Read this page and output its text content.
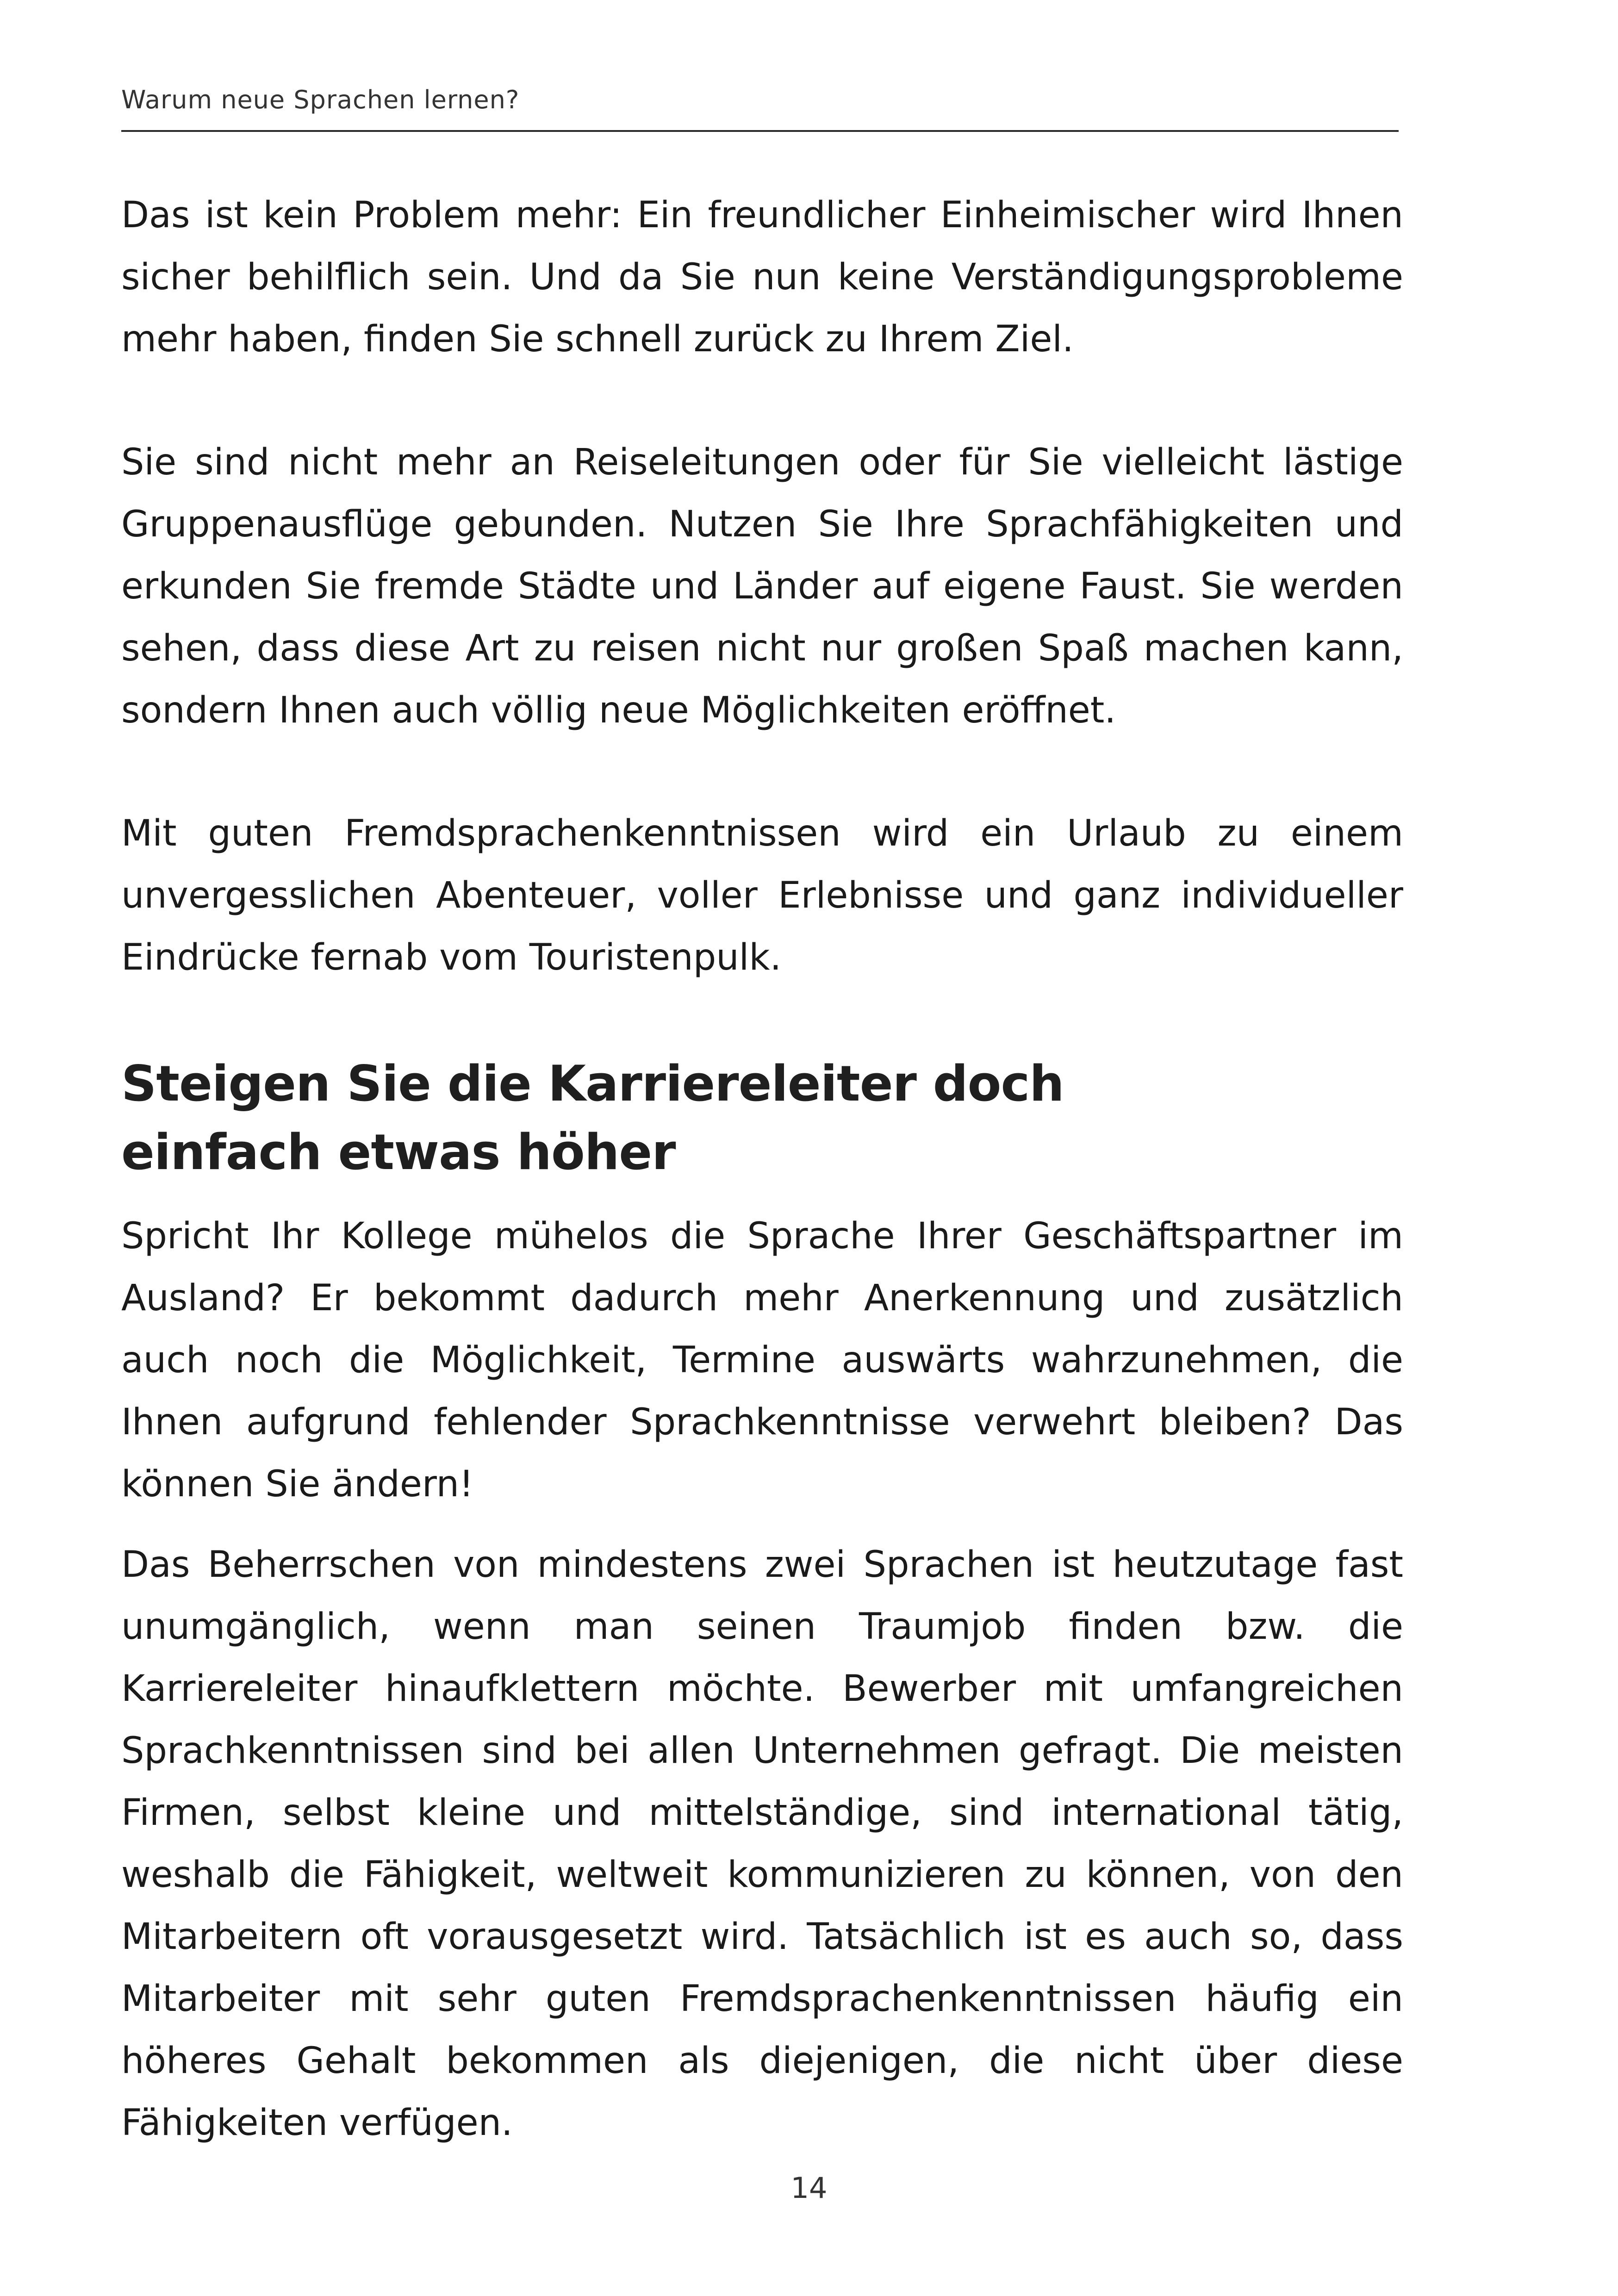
Warum neue Sprachen lernen?

Das ist kein Problem mehr: Ein freundlicher Einheimischer wird Ihnen sicher behilflich sein. Und da Sie nun keine Verständigungsprobleme mehr haben, finden Sie schnell zurück zu Ihrem Ziel.

Sie sind nicht mehr an Reiseleitungen oder für Sie vielleicht lästige Gruppenausflüge gebunden. Nutzen Sie Ihre Sprachfähigkeiten und erkunden Sie fremde Städte und Länder auf eigene Faust. Sie werden sehen, dass diese Art zu reisen nicht nur großen Spaß machen kann, sondern Ihnen auch völlig neue Möglichkeiten eröffnet.

Mit guten Fremdsprachenkenntnissen wird ein Urlaub zu einem unvergesslichen Abenteuer, voller Erlebnisse und ganz individueller Eindrücke fernab vom Touristenpulk.

Steigen Sie die Karriereleiter doch einfach etwas höher

Spricht Ihr Kollege mühelos die Sprache Ihrer Geschäftspartner im Ausland? Er bekommt dadurch mehr Anerkennung und zusätzlich auch noch die Möglichkeit, Termine auswärts wahrzunehmen, die Ihnen aufgrund fehlender Sprachkenntnisse verwehrt bleiben? Das können Sie ändern!

Das Beherrschen von mindestens zwei Sprachen ist heutzutage fast unumgänglich, wenn man seinen Traumjob finden bzw. die Karriereleiter hinaufklettern möchte. Bewerber mit umfangreichen Sprachkenntnissen sind bei allen Unternehmen gefragt. Die meisten Firmen, selbst kleine und mittelständige, sind international tätig, weshalb die Fähigkeit, weltweit kommunizieren zu können, von den Mitarbeitern oft vorausgesetzt wird. Tatsächlich ist es auch so, dass Mitarbeiter mit sehr guten Fremdsprachenkenntnissen häufig ein höheres Gehalt bekommen als diejenigen, die nicht über diese Fähigkeiten verfügen.

14
